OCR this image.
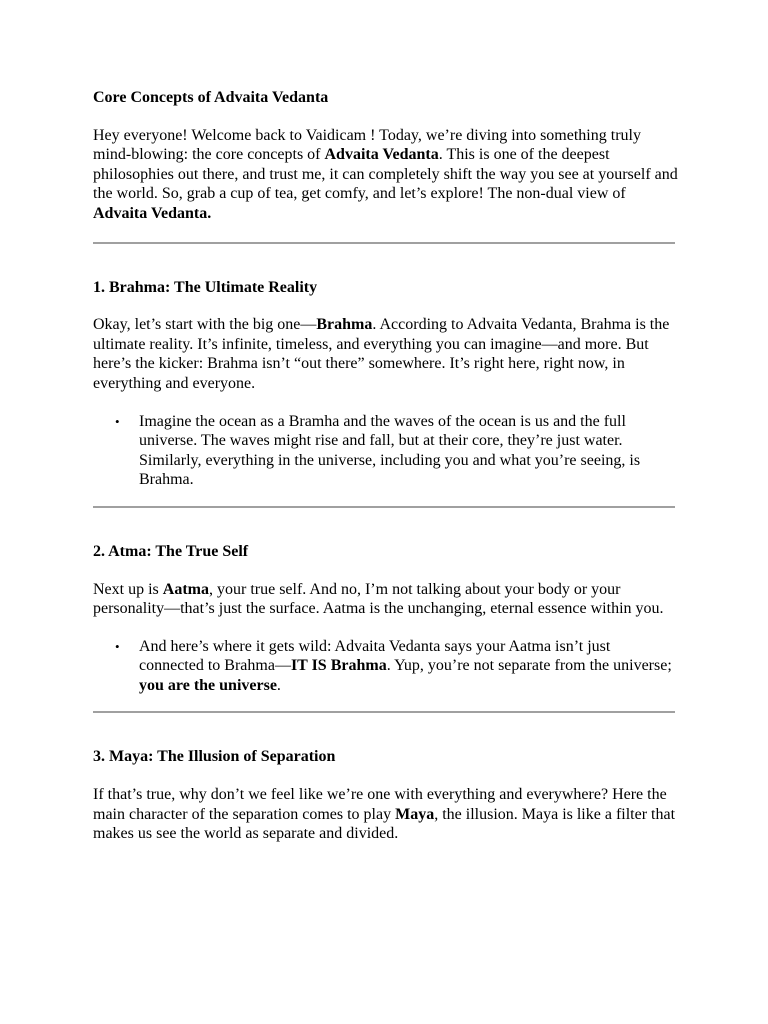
Core Concepts of Advaita Vedanta

Hey everyone! Welcome back to Vaidicam ! Today, we’re diving into something truly mind-blowing: the core concepts of Advaita Vedanta. This is one of the deepest philosophies out there, and trust me, it can completely shift the way you see at yourself and the world. So, grab a cup of tea, get comfy, and let’s explore! The non-dual view of Advaita Vedanta.

1. Brahma: The Ultimate Reality

Okay, let’s start with the big one—Brahma. According to Advaita Vedanta, Brahma is the ultimate reality. It’s infinite, timeless, and everything you can imagine—and more. But here’s the kicker: Brahma isn’t “out there” somewhere. It’s right here, right now, in everything and everyone.

• Imagine the ocean as a Bramha and the waves of the ocean is us and the full universe. The waves might rise and fall, but at their core, they’re just water. Similarly, everything in the universe, including you and what you’re seeing, is Brahma.

2. Atma: The True Self

Next up is Aatma, your true self. And no, I’m not talking about your body or your personality—that’s just the surface. Aatma is the unchanging, eternal essence within you.

• And here’s where it gets wild: Advaita Vedanta says your Aatma isn’t just connected to Brahma—IT IS Brahma. Yup, you’re not separate from the universe; you are the universe.

3. Maya: The Illusion of Separation

If that’s true, why don’t we feel like we’re one with everything and everywhere? Here the main character of the separation comes to play Maya, the illusion. Maya is like a filter that makes us see the world as separate and divided.
